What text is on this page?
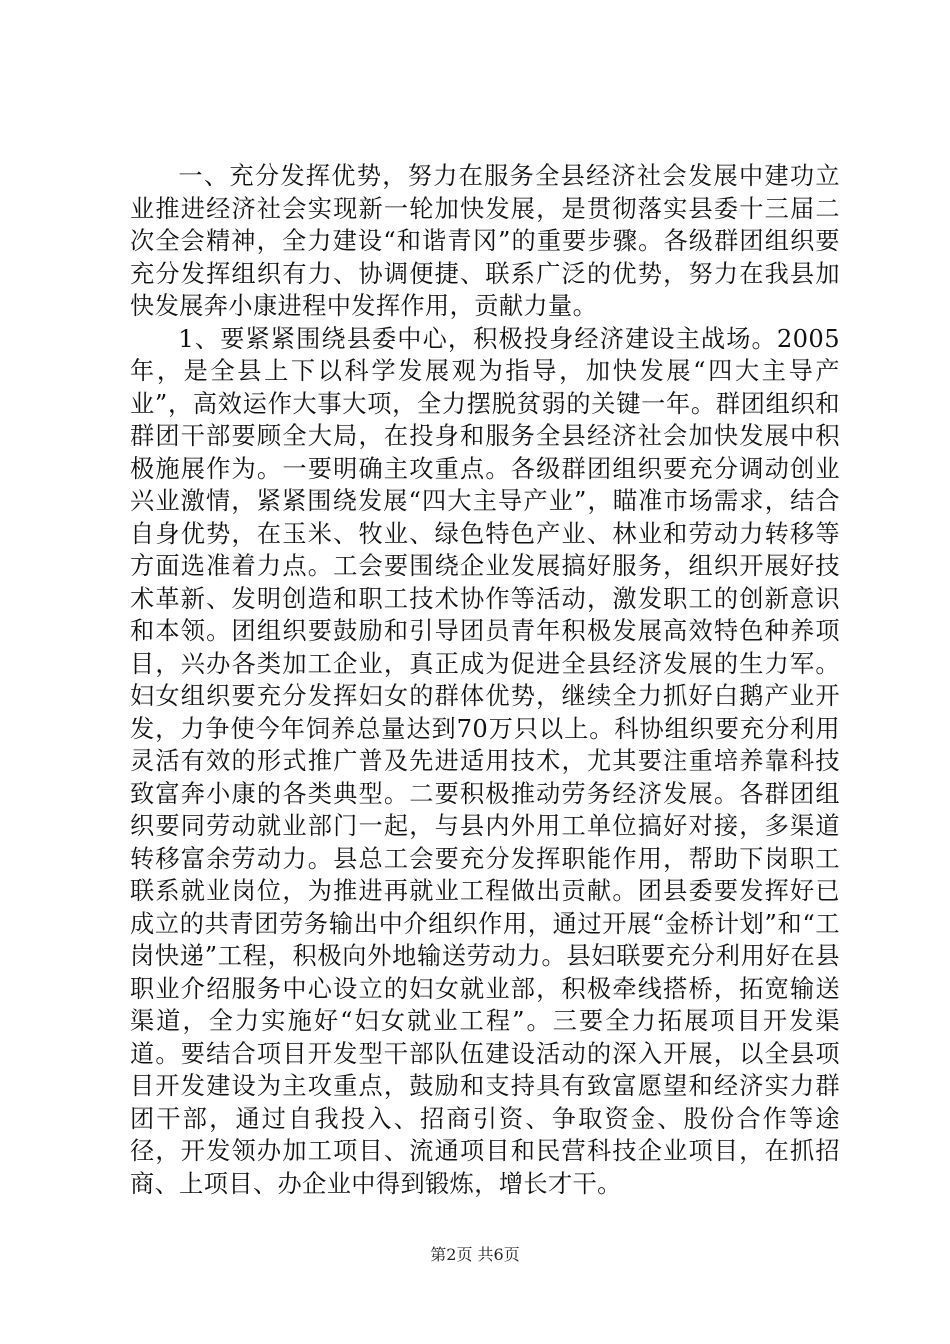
一、充分发挥优势，努力在服务全县经济社会发展中建功立业推进经济社会实现新一轮加快发展，是贯彻落实县委十三届二次全会精神，全力建设“和谐青冈”的重要步骤。各级群团组织要充分发挥组织有力、协调便捷、联系广泛的优势，努力在我县加快发展奔小康进程中发挥作用，贡献力量。

1、要紧紧围绕县委中心，积极投身经济建设主战场。2005年，是全县上下以科学发展观为指导，加快发展“四大主导产业”，高效运作大事大项，全力摆脱贫弱的关键一年。群团组织和群团干部要顾全大局，在投身和服务全县经济社会加快发展中积极施展作为。一要明确主攻重点。各级群团组织要充分调动创业兴业激情，紧紧围绕发展“四大主导产业”，瞄准市场需求，结合自身优势，在玉米、牧业、绿色特色产业、林业和劳动力转移等方面选准着力点。工会要围绕企业发展搞好服务，组织开展好技术革新、发明创造和职工技术协作等活动，激发职工的创新意识和本领。团组织要鼓励和引导团员青年积极发展高效特色种养项目，兴办各类加工企业，真正成为促进全县经济发展的生力军。妇女组织要充分发挥妇女的群体优势，继续全力抓好白鹅产业开发，力争使今年饲养总量达到70万只以上。科协组织要充分利用灵活有效的形式推广普及先进适用技术，尤其要注重培养靠科技致富奔小康的各类典型。二要积极推动劳务经济发展。各群团组织要同劳动就业部门一起，与县内外用工单位搞好对接，多渠道转移富余劳动力。县总工会要充分发挥职能作用，帮助下岗职工联系就业岗位，为推进再就业工程做出贡献。团县委要发挥好已成立的共青团劳务输出中介组织作用，通过开展“金桥计划”和“工岗快递”工程，积极向外地输送劳动力。县妇联要充分利用好在县职业介绍服务中心设立的妇女就业部，积极牵线搭桥，拓宽输送渠道，全力实施好“妇女就业工程”。三要全力拓展项目开发渠道。要结合项目开发型干部队伍建设活动的深入开展，以全县项目开发建设为主攻重点，鼓励和支持具有致富愿望和经济实力群团干部，通过自我投入、招商引资、争取资金、股份合作等途径，开发领办加工项目、流通项目和民营科技企业项目，在抓招商、上项目、办企业中得到锻炼，增长才干。

第2页 共6页
